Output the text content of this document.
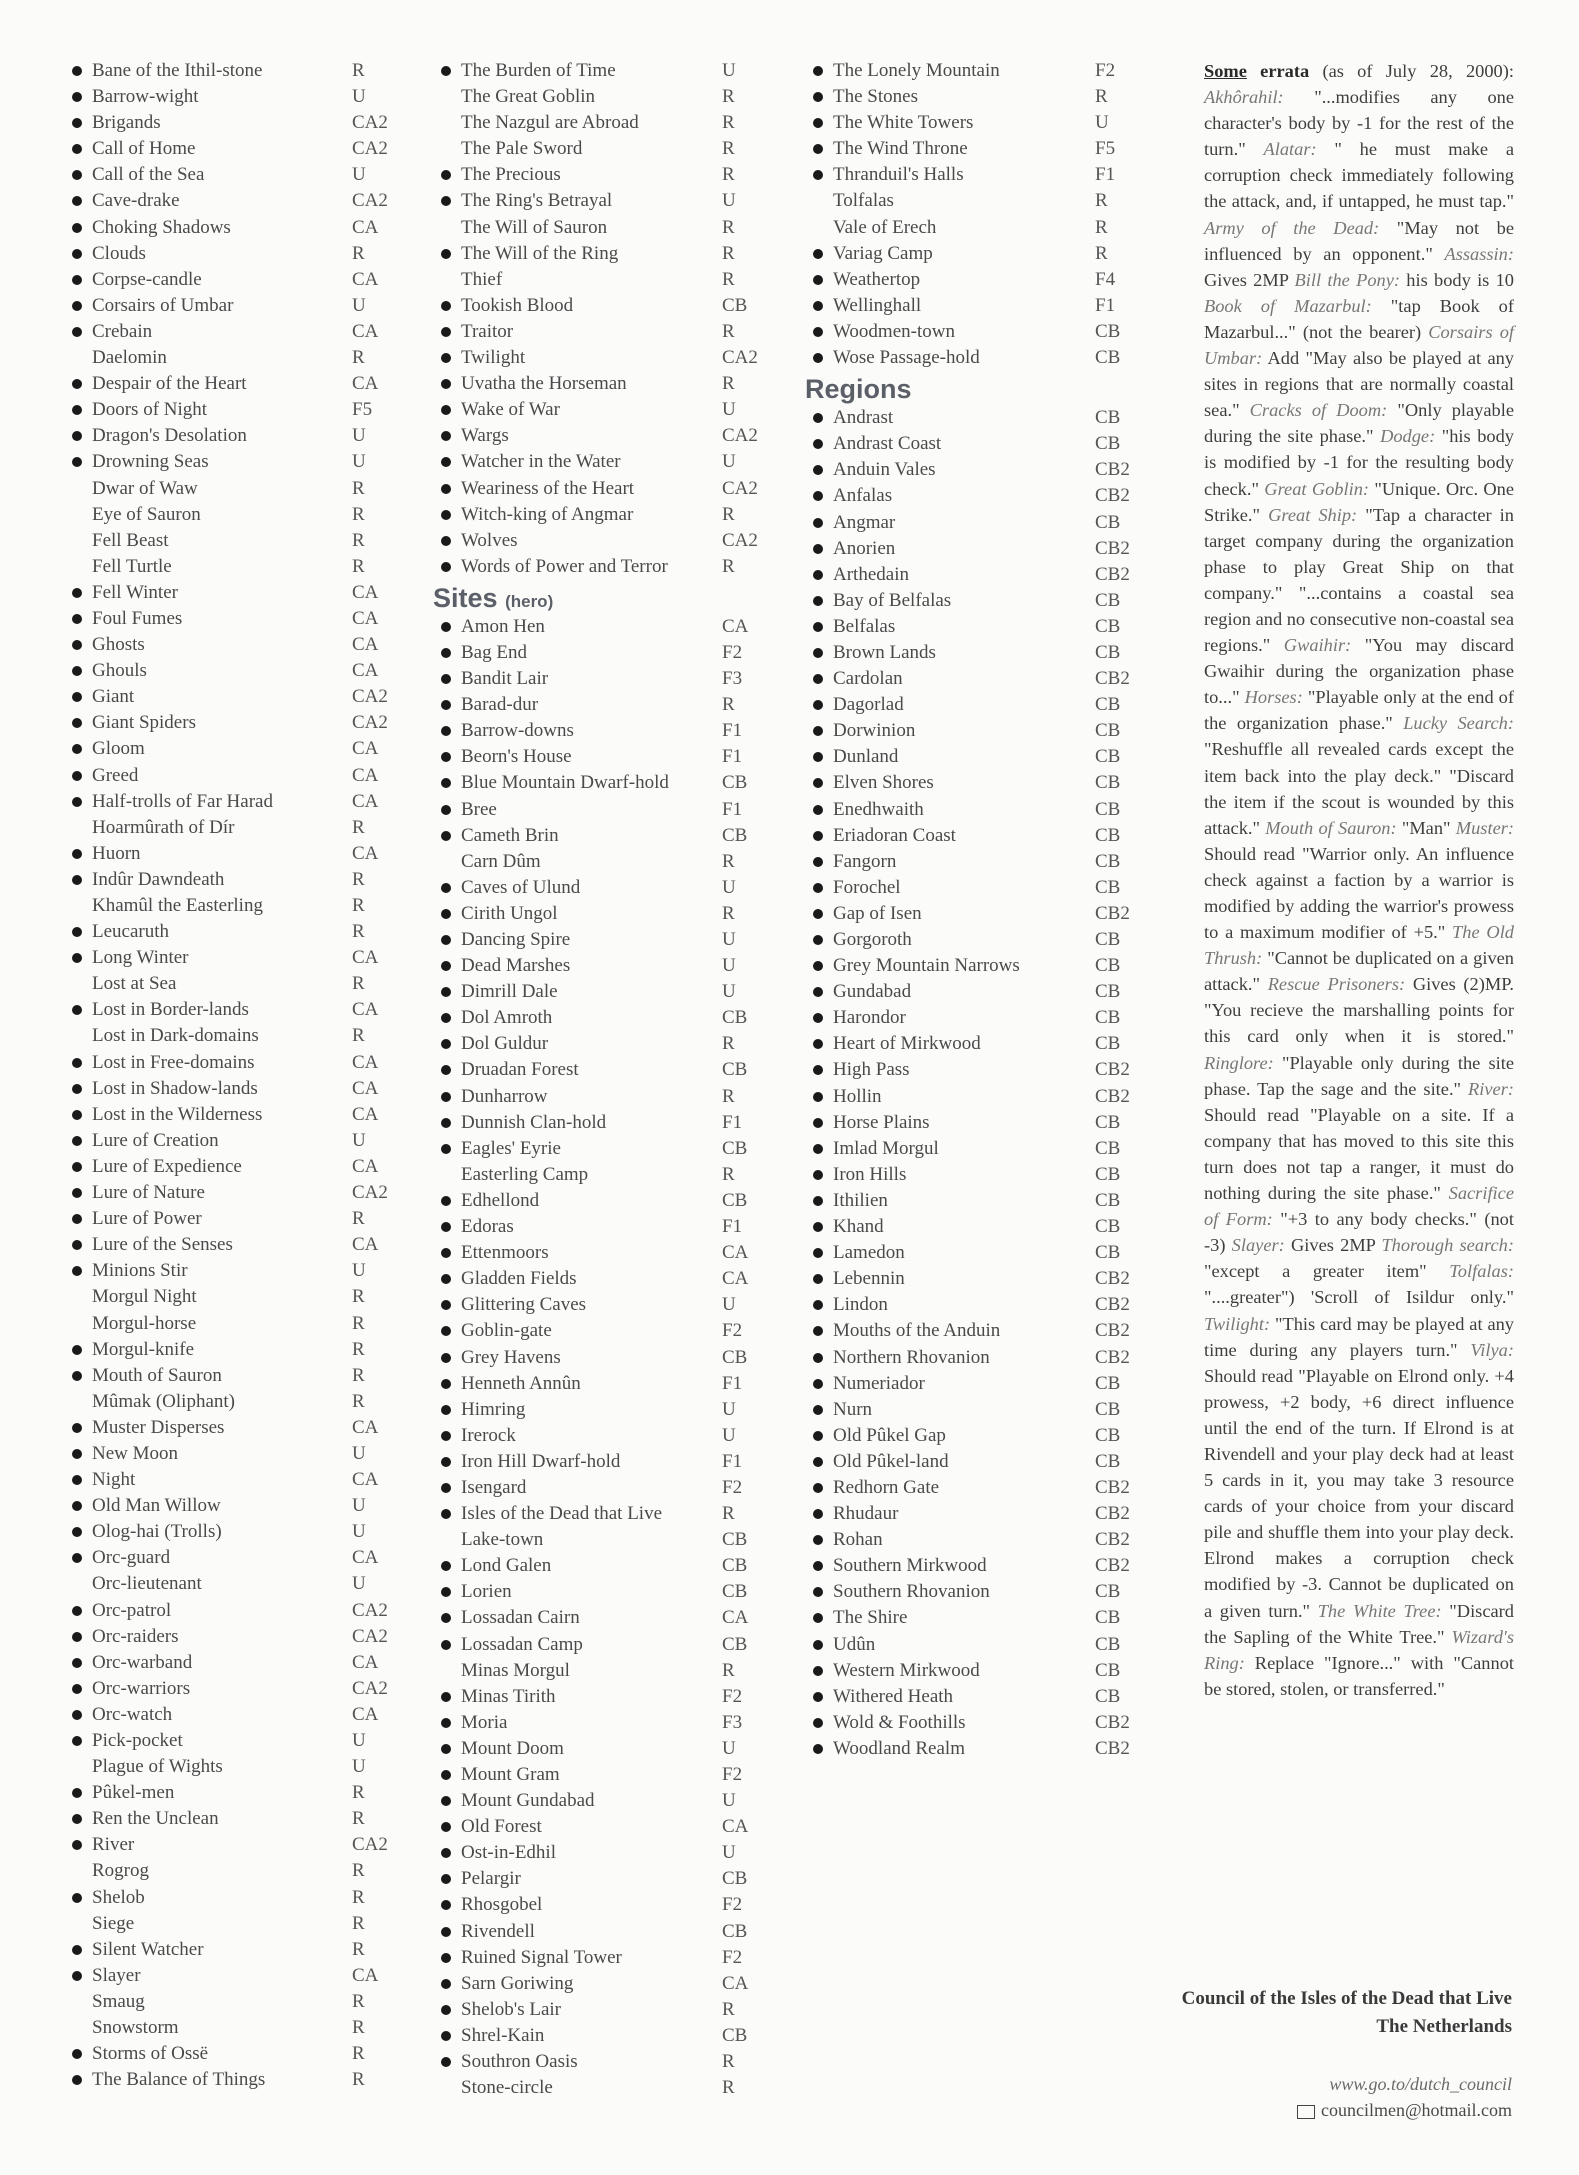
Bane of the Ithil-stone	R
Barrow-wight	U
Brigands	CA2
Call of Home	CA2
Call of the Sea	U
Cave-drake	CA2
Choking Shadows	CA
Clouds	R
Corpse-candle	CA
Corsairs of Umbar	U
Crebain	CA
Daelomin	R
Despair of the Heart	CA
Doors of Night	F5
Dragon's Desolation	U
Drowning Seas	U
Dwar of Waw	R
Eye of Sauron	R
Fell Beast	R
Fell Turtle	R
Fell Winter	CA
Foul Fumes	CA
Ghosts	CA
Ghouls	CA
Giant	CA2
Giant Spiders	CA2
Gloom	CA
Greed	CA
Half-trolls of Far Harad	CA
Hoarmûrath of Dír	R
Huorn	CA
Indûr Dawndeath	R
Khamûl the Easterling	R
Leucaruth	R
Long Winter	CA
Lost at Sea	R
Lost in Border-lands	CA
Lost in Dark-domains	R
Lost in Free-domains	CA
Lost in Shadow-lands	CA
Lost in the Wilderness	CA
Lure of Creation	U
Lure of Expedience	CA
Lure of Nature	CA2
Lure of Power	R
Lure of the Senses	CA
Minions Stir	U
Morgul Night	R
Morgul-horse	R
Morgul-knife	R
Mouth of Sauron	R
Mûmak (Oliphant)	R
Muster Disperses	CA
New Moon	U
Night	CA
Old Man Willow	U
Olog-hai (Trolls)	U
Orc-guard	CA
Orc-lieutenant	U
Orc-patrol	CA2
Orc-raiders	CA2
Orc-warband	CA
Orc-warriors	CA2
Orc-watch	CA
Pick-pocket	U
Plague of Wights	U
Pûkel-men	R
Ren the Unclean	R
River	CA2
Rogrog	R
Shelob	R
Siege	R
Silent Watcher	R
Slayer	CA
Smaug	R
Snowstorm	R
Storms of Ossë	R
The Balance of Things	R
The Burden of Time	U
The Great Goblin	R
The Nazgul are Abroad	R
The Pale Sword	R
The Precious	R
The Ring's Betrayal	U
The Will of Sauron	R
The Will of the Ring	R
Thief	R
Tookish Blood	CB
Traitor	R
Twilight	CA2
Uvatha the Horseman	R
Wake of War	U
Wargs	CA2
Watcher in the Water	U
Weariness of the Heart	CA2
Witch-king of Angmar	R
Wolves	CA2
Words of Power and Terror	R
Sites (hero)
Amon Hen	CA
Bag End	F2
Bandit Lair	F3
Barad-dur	R
Barrow-downs	F1
Beorn's House	F1
Blue Mountain Dwarf-hold	CB
Bree	F1
Cameth Brin	CB
Carn Dûm	R
Caves of Ulund	U
Cirith Ungol	R
Dancing Spire	U
Dead Marshes	U
Dimrill Dale	U
Dol Amroth	CB
Dol Guldur	R
Druadan Forest	CB
Dunharrow	R
Dunnish Clan-hold	F1
Eagles' Eyrie	CB
Easterling Camp	R
Edhellond	CB
Edoras	F1
Ettenmoors	CA
Gladden Fields	CA
Glittering Caves	U
Goblin-gate	F2
Grey Havens	CB
Henneth Annûn	F1
Himring	U
Irerock	U
Iron Hill Dwarf-hold	F1
Isengard	F2
Isles of the Dead that Live	R
Lake-town	CB
Lond Galen	CB
Lorien	CB
Lossadan Cairn	CA
Lossadan Camp	CB
Minas Morgul	R
Minas Tirith	F2
Moria	F3
Mount Doom	U
Mount Gram	F2
Mount Gundabad	U
Old Forest	CA
Ost-in-Edhil	U
Pelargir	CB
Rhosgobel	F2
Rivendell	CB
Ruined Signal Tower	F2
Sarn Goriwing	CA
Shelob's Lair	R
Shrel-Kain	CB
Southron Oasis	R
Stone-circle	R
The Lonely Mountain	F2
The Stones	R
The White Towers	U
The Wind Throne	F5
Thranduil's Halls	F1
Tolfalas	R
Vale of Erech	R
Variag Camp	R
Weathertop	F4
Wellinghall	F1
Woodmen-town	CB
Wose Passage-hold	CB
Regions
Andrast	CB
Andrast Coast	CB
Anduin Vales	CB2
Anfalas	CB2
Angmar	CB
Anorien	CB2
Arthedain	CB2
Bay of Belfalas	CB
Belfalas	CB
Brown Lands	CB
Cardolan	CB2
Dagorlad	CB
Dorwinion	CB
Dunland	CB
Elven Shores	CB
Enedhwaith	CB
Eriadoran Coast	CB
Fangorn	CB
Forochel	CB
Gap of Isen	CB2
Gorgoroth	CB
Grey Mountain Narrows	CB
Gundabad	CB
Harondor	CB
Heart of Mirkwood	CB
High Pass	CB2
Hollin	CB2
Horse Plains	CB
Imlad Morgul	CB
Iron Hills	CB
Ithilien	CB
Khand	CB
Lamedon	CB
Lebennin	CB2
Lindon	CB2
Mouths of the Anduin	CB2
Northern Rhovanion	CB2
Numeriador	CB
Nurn	CB
Old Pûkel Gap	CB
Old Pûkel-land	CB
Redhorn Gate	CB2
Rhudaur	CB2
Rohan	CB2
Southern Mirkwood	CB2
Southern Rhovanion	CB
The Shire	CB
Udûn	CB
Western Mirkwood	CB
Withered Heath	CB
Wold & Foothills	CB2
Woodland Realm	CB2
Some errata (as of July 28, 2000): Akhôrahil: "...modifies any one character's body by -1 for the rest of the turn." Alatar: " he must make a corruption check immediately following the attack, and, if untapped, he must tap." Army of the Dead: "May not be influenced by an opponent." Assassin: Gives 2MP Bill the Pony: his body is 10 Book of Mazarbul: "tap Book of Mazarbul..." (not the bearer) Corsairs of Umbar: Add "May also be played at any sites in regions that are normally coastal sea." Cracks of Doom: "Only playable during the site phase." Dodge: "his body is modified by -1 for the resulting body check." Great Goblin: "Unique. Orc. One Strike." Great Ship: "Tap a character in target company during the organization phase to play Great Ship on that company." "...contains a coastal sea region and no consecutive non-coastal sea regions." Gwaihir: "You may discard Gwaihir during the organization phase to..." Horses: "Playable only at the end of the organization phase." Lucky Search: "Reshuffle all revealed cards except the item back into the play deck." "Discard the item if the scout is wounded by this attack." Mouth of Sauron: "Man" Muster: Should read "Warrior only. An influence check against a faction by a warrior is modified by adding the warrior's prowess to a maximum modifier of +5." The Old Thrush: "Cannot be duplicated on a given attack." Rescue Prisoners: Gives (2)MP. "You recieve the marshalling points for this card only when it is stored." Ringlore: "Playable only during the site phase. Tap the sage and the site." River: Should read "Playable on a site. If a company that has moved to this site this turn does not tap a ranger, it must do nothing during the site phase." Sacrifice of Form: "+3 to any body checks." (not -3) Slayer: Gives 2MP Thorough search: "except a greater item" Tolfalas: "....greater") 'Scroll of Isildur only." Twilight: "This card may be played at any time during any players turn." Vilya: Should read "Playable on Elrond only. +4 prowess, +2 body, +6 direct influence until the end of the turn. If Elrond is at Rivendell and your play deck had at least 5 cards in it, you may take 3 resource cards of your choice from your discard pile and shuffle them into your play deck. Elrond makes a corruption check modified by -3. Cannot be duplicated on a given turn." The White Tree: "Discard the Sapling of the White Tree." Wizard's Ring: Replace "Ignore..." with "Cannot be stored, stolen, or transferred."
Council of the Isles of the Dead that Live
The Netherlands
www.go.to/dutch_council
councilmen@hotmail.com
